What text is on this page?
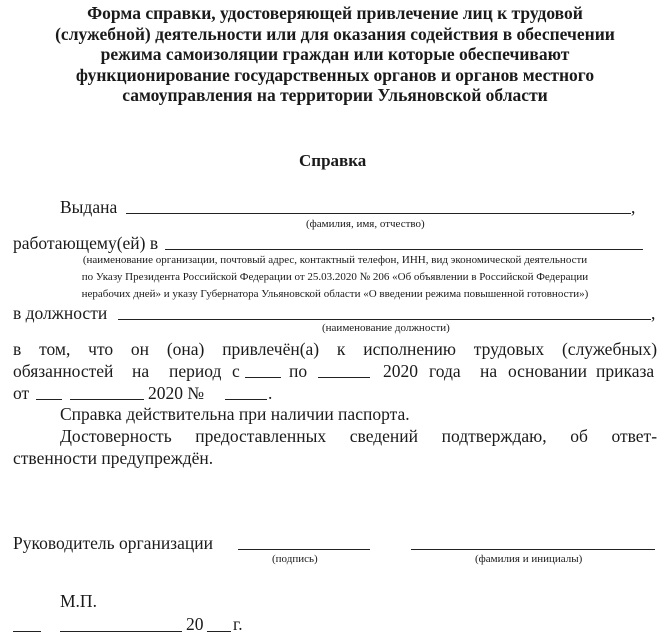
Форма справки, удостоверяющей привлечение лиц к трудовой
(служебной) деятельности или для оказания содействия в обеспечении
режима самоизоляции граждан или которые обеспечивают
функционирование государственных органов и органов местного
самоуправления на территории Ульяновской области
Справка
Выдана	,
(фамилия, имя, отчество)
работающему(ей) в
(наименование организации, почтовый адрес, контактный телефон, ИНН, вид экономической деятельности
по Указу Президента Российской Федерации от 25.03.2020 № 206 «Об объявлении в Российской Федерации
нерабочих дней» и указу Губернатора Ульяновской области «О введении режима повышенной готовности»)
в должности	,
(наименование должности)
в том, что он (она) привлечён(а) к исполнению трудовых (служебных)
обязанностей на период с	по	2020 года на основании приказа
от	2020 №	.
Справка действительна при наличии паспорта.
Достоверность предоставленных сведений подтверждаю, об ответ-
ственности предупреждён.
Руководитель организации
(подпись)	(фамилия и инициалы)
М.П.
20 г.
